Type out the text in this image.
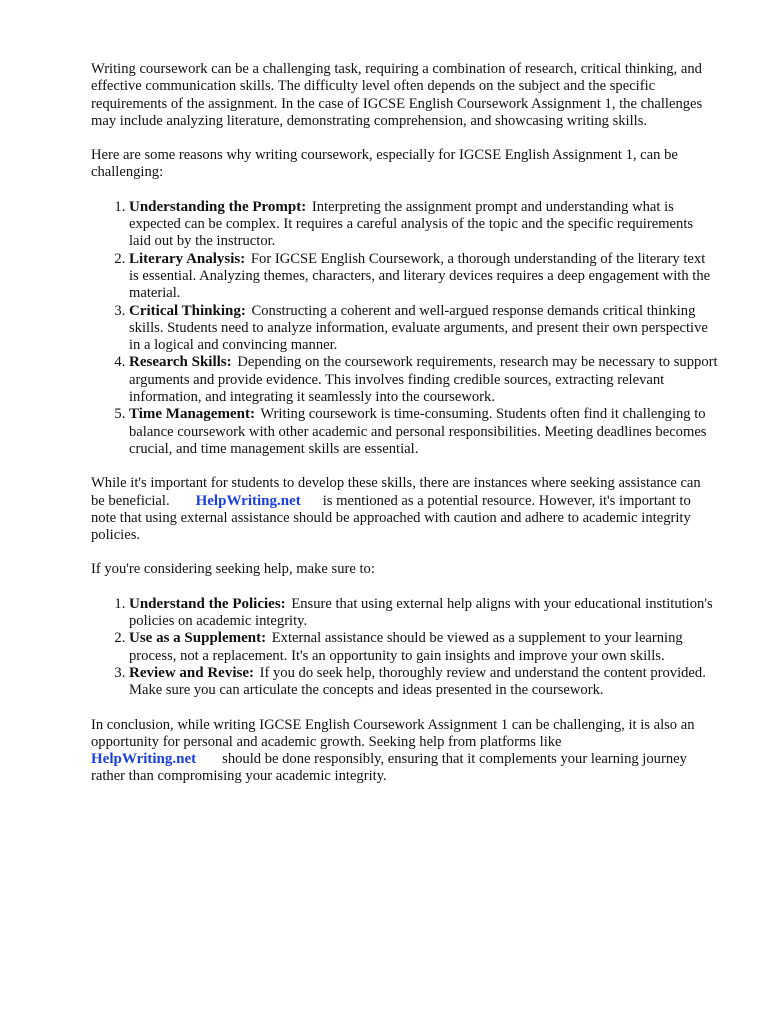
Writing coursework can be a challenging task, requiring a combination of research, critical thinking, and effective communication skills. The difficulty level often depends on the subject and the specific requirements of the assignment. In the case of IGCSE English Coursework Assignment 1, the challenges may include analyzing literature, demonstrating comprehension, and showcasing writing skills.

Here are some reasons why writing coursework, especially for IGCSE English Assignment 1, can be challenging:

1. Understanding the Prompt: Interpreting the assignment prompt and understanding what is expected can be complex. It requires a careful analysis of the topic and the specific requirements laid out by the instructor.
2. Literary Analysis: For IGCSE English Coursework, a thorough understanding of the literary text is essential. Analyzing themes, characters, and literary devices requires a deep engagement with the material.
3. Critical Thinking: Constructing a coherent and well-argued response demands critical thinking skills. Students need to analyze information, evaluate arguments, and present their own perspective in a logical and convincing manner.
4. Research Skills: Depending on the coursework requirements, research may be necessary to support arguments and provide evidence. This involves finding credible sources, extracting relevant information, and integrating it seamlessly into the coursework.
5. Time Management: Writing coursework is time-consuming. Students often find it challenging to balance coursework with other academic and personal responsibilities. Meeting deadlines becomes crucial, and time management skills are essential.

While it's important for students to develop these skills, there are instances where seeking assistance can be beneficial. HelpWriting.net is mentioned as a potential resource. However, it's important to note that using external assistance should be approached with caution and adhere to academic integrity policies.

If you're considering seeking help, make sure to:

1. Understand the Policies: Ensure that using external help aligns with your educational institution's policies on academic integrity.
2. Use as a Supplement: External assistance should be viewed as a supplement to your learning process, not a replacement. It's an opportunity to gain insights and improve your own skills.
3. Review and Revise: If you do seek help, thoroughly review and understand the content provided. Make sure you can articulate the concepts and ideas presented in the coursework.

In conclusion, while writing IGCSE English Coursework Assignment 1 can be challenging, it is also an opportunity for personal and academic growth. Seeking help from platforms like
HelpWriting.net should be done responsibly, ensuring that it complements your learning journey rather than compromising your academic integrity.
